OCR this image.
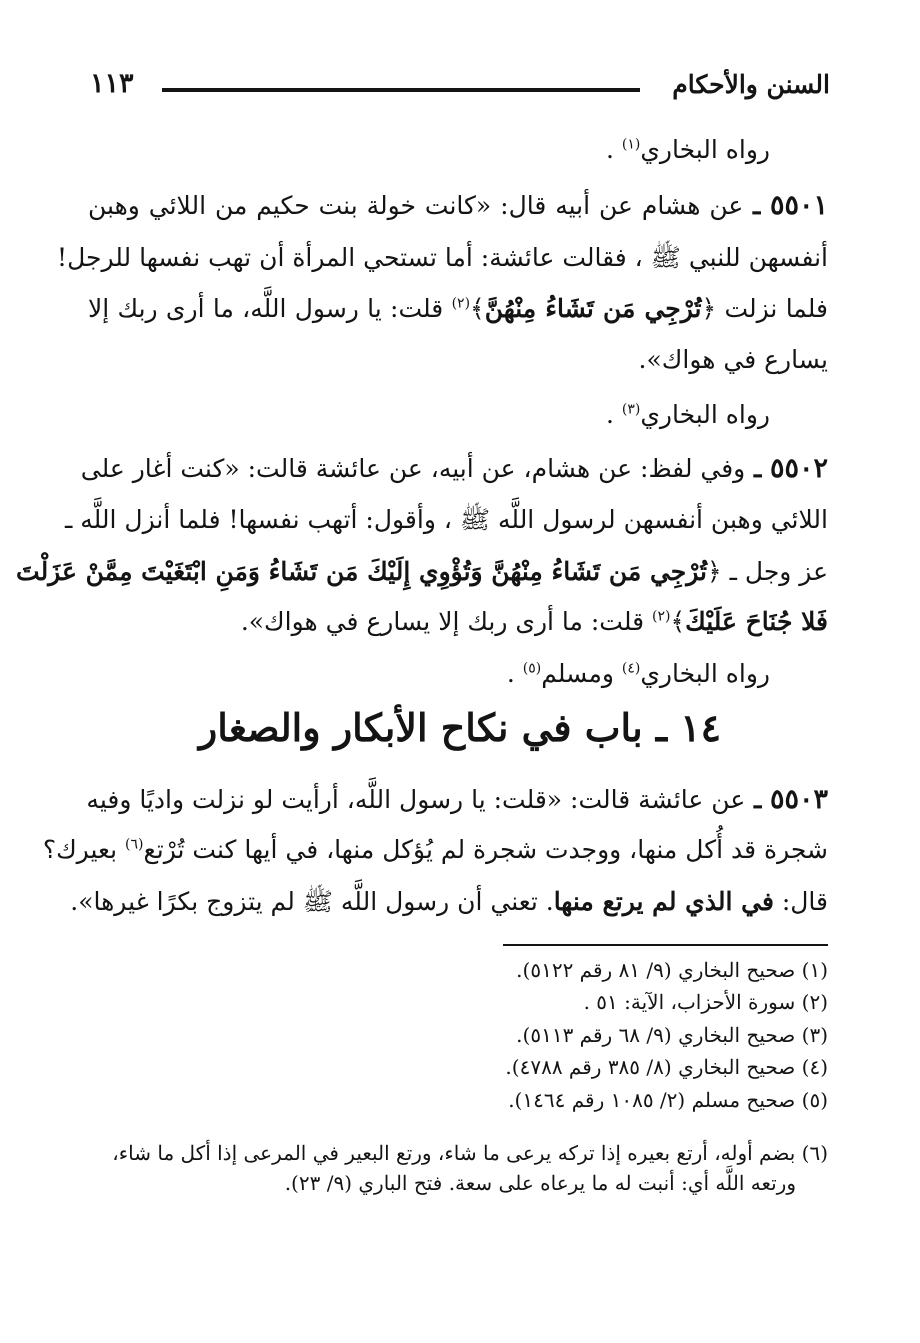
السنن والأحكام
١١٣
رواه البخاري$^{(١)}$ .
٥٥٠١ ـ عن هشام عن أبيه قال: «كانت خولة بنت حكيم من اللائي وهبن
أنفسهن للنبي ﷺ ، فقالت عائشة: أما تستحي المرأة أن تهب نفسها للرجل!
فلما نزلت ﴿تُرْجِي مَن تَشَاءُ مِنْهُنَّ﴾$^{(٢)}$ قلت: يا رسول اللَّه، ما أرى ربك إلا
يسارع في هواك».
رواه البخاري$^{(٣)}$ .
٥٥٠٢ ـ وفي لفظ: عن هشام، عن أبيه، عن عائشة قالت: «كنت أغار على
اللائي وهبن أنفسهن لرسول اللَّه ﷺ ، وأقول: أتهب نفسها! فلما أنزل اللَّه ـ
عز وجل ـ ﴿تُرْجِي مَن تَشَاءُ مِنْهُنَّ وَتُؤْوِي إِلَيْكَ مَن تَشَاءُ وَمَنِ ابْتَغَيْتَ مِمَّنْ عَزَلْتَ
فَلا جُنَاحَ عَلَيْكَ﴾$^{(٢)}$ قلت: ما أرى ربك إلا يسارع في هواك».
رواه البخاري$^{(٤)}$ ومسلم$^{(٥)}$ .
١٤ ـ باب في نكاح الأبكار والصغار
٥٥٠٣ ـ عن عائشة قالت: «قلت: يا رسول اللَّه، أرأيت لو نزلت واديًا وفيه
شجرة قد أُكل منها، ووجدت شجرة لم يُؤكل منها، في أيها كنت تُرْتع$^{(٦)}$ بعيرك؟
قال: في الذي لم يرتع منها. تعني أن رسول اللَّه ﷺ لم يتزوج بكرًا غيرها».
(١) صحيح البخاري (٩/ ٨١ رقم ٥١٢٢).
(٢) سورة الأحزاب، الآية: ٥١ .
(٣) صحيح البخاري (٩/ ٦٨ رقم ٥١١٣).
(٤) صحيح البخاري (٨/ ٣٨٥ رقم ٤٧٨٨).
(٥) صحيح مسلم (٢/ ١٠٨٥ رقم ١٤٦٤).
(٦) بضم أوله، أرتع بعيره إذا تركه يرعى ما شاء، ورتع البعير في المرعى إذا أكل ما شاء،
ورتعه اللَّه أي: أنبت له ما يرعاه على سعة. فتح الباري (٩/ ٢٣).
